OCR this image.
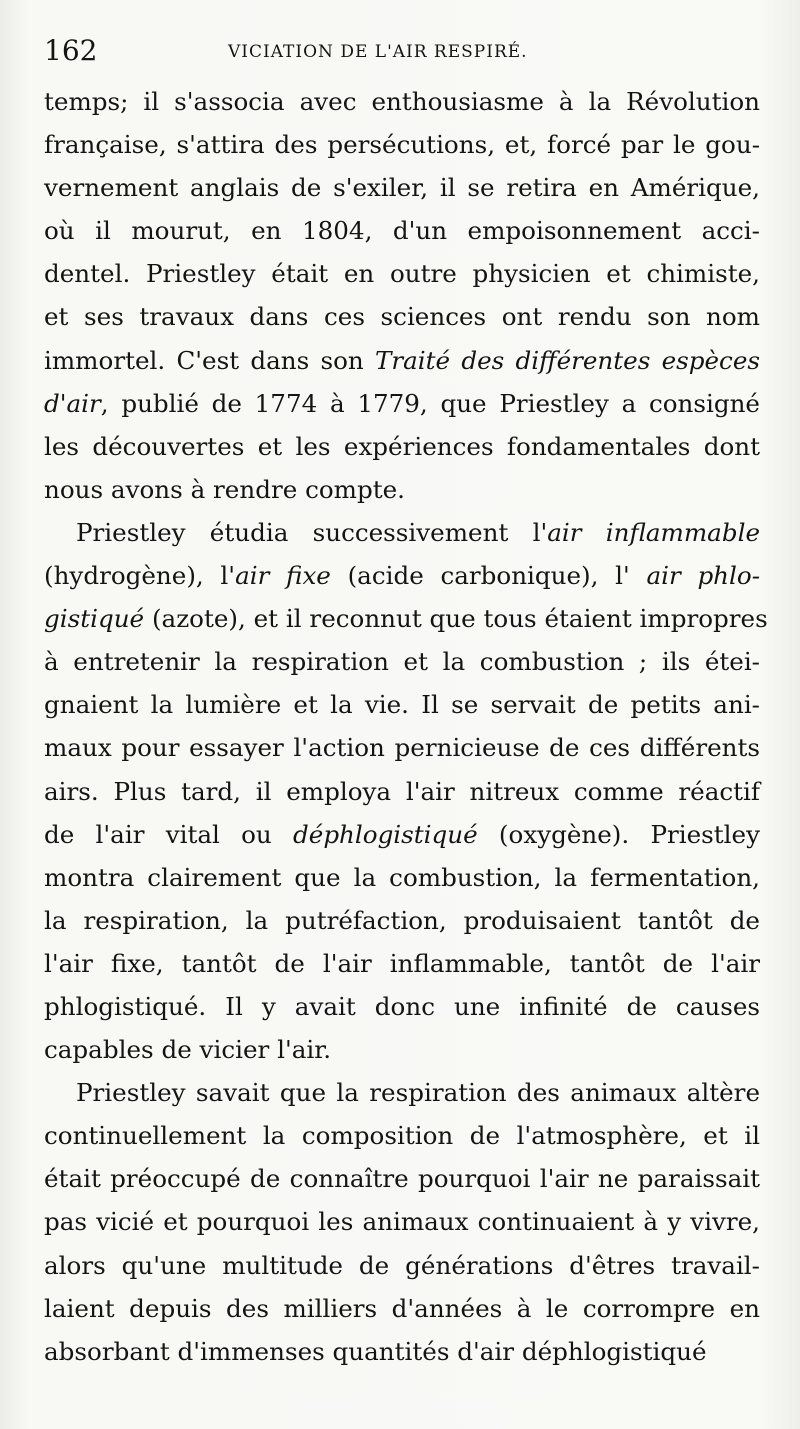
162	VICIATION DE L'AIR RESPIRÉ.
temps; il s'associa avec enthousiasme à la Révolution
française, s'attira des persécutions, et, forcé par le gou-
vernement anglais de s'exiler, il se retira en Amérique,
où il mourut, en 1804, d'un empoisonnement acci-
dentel. Priestley était en outre physicien et chimiste,
et ses travaux dans ces sciences ont rendu son nom
immortel. C'est dans son Traité des différentes espèces
d'air, publié de 1774 à 1779, que Priestley a consigné
les découvertes et les expériences fondamentales dont
nous avons à rendre compte.
Priestley étudia successivement l'air inflammable
(hydrogène), l'air fixe (acide carbonique), l' air phlo-
gistiqué (azote), et il reconnut que tous étaient impropres
à entretenir la respiration et la combustion ; ils étei-
gnaient la lumière et la vie. Il se servait de petits ani-
maux pour essayer l'action pernicieuse de ces différents
airs. Plus tard, il employa l'air nitreux comme réactif
de l'air vital ou déphlogistiqué (oxygène). Priestley
montra clairement que la combustion, la fermentation,
la respiration, la putréfaction, produisaient tantôt de
l'air fixe, tantôt de l'air inflammable, tantôt de l'air
phlogistiqué. Il y avait donc une infinité de causes
capables de vicier l'air.
Priestley savait que la respiration des animaux altère
continuellement la composition de l'atmosphère, et il
était préoccupé de connaître pourquoi l'air ne paraissait
pas vicié et pourquoi les animaux continuaient à y vivre,
alors qu'une multitude de générations d'êtres travail-
laient depuis des milliers d'années à le corrompre en
absorbant d'immenses quantités d'air déphlogistiqué
